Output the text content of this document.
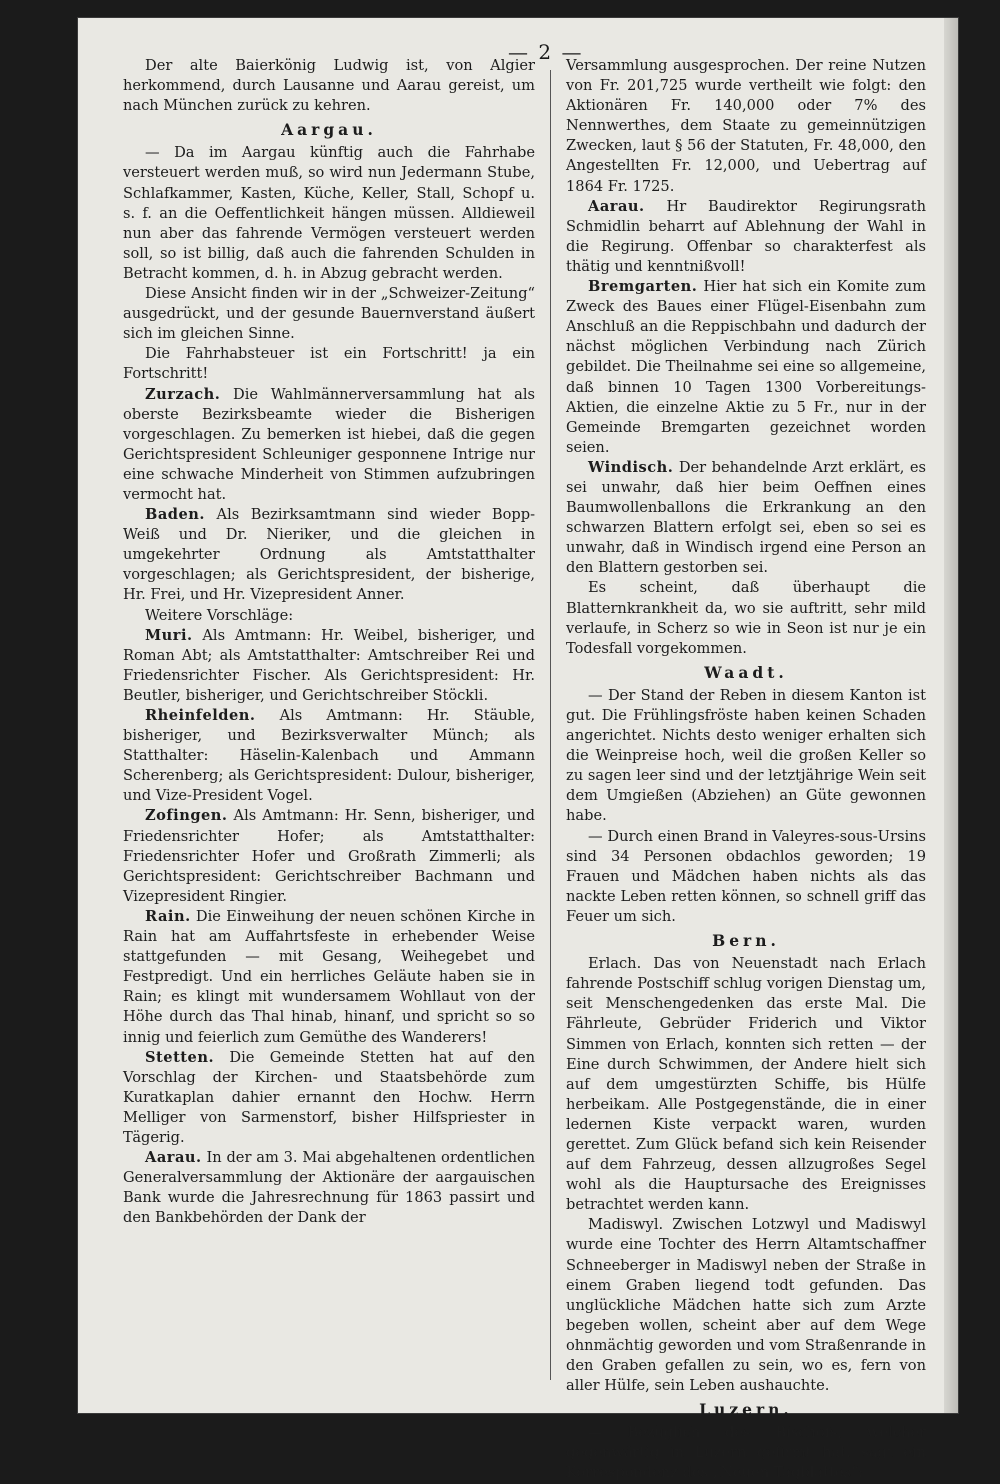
— 2 —

Der alte Baierkönig Ludwig ist, von Algier herkommend, durch Lausanne und Aarau gereist, um nach München zurück zu kehren.

Aargau.

— Da im Aargau künftig auch die Fahrhabe versteuert werden muß, so wird nun Jedermann Stube, Schlafkammer, Kasten, Küche, Keller, Stall, Schopf u. s. f. an die Oeffentlichkeit hängen müssen. Alldieweil nun aber das fahrende Vermögen versteuert werden soll, so ist billig, daß auch die fahrenden Schulden in Betracht kommen, d. h. in Abzug gebracht werden.

Diese Ansicht finden wir in der „Schweizer-Zeitung“ ausgedrückt, und der gesunde Bauernverstand äußert sich im gleichen Sinne.

Die Fahrhabsteuer ist ein Fortschritt! ja ein Fortschritt!

Zurzach. Die Wahlmännerversammlung hat als oberste Bezirksbeamte wieder die Bisherigen vorgeschlagen. Zu bemerken ist hiebei, daß die gegen Gerichtspresident Schleuniger gesponnene Intrige nur eine schwache Minderheit von Stimmen aufzubringen vermocht hat.

Baden. Als Bezirksamtmann sind wieder Bopp-Weiß und Dr. Nieriker, und die gleichen in umgekehrter Ordnung als Amtstatthalter vorgeschlagen; als Gerichtspresident, der bisherige, Hr. Frei, und Hr. Vizepresident Anner.

Weitere Vorschläge:

Muri. Als Amtmann: Hr. Weibel, bisheriger, und Roman Abt; als Amtstatthalter: Amtschreiber Rei und Friedensrichter Fischer. Als Gerichtspresident: Hr. Beutler, bisheriger, und Gerichtschreiber Stöckli.

Rheinfelden. Als Amtmann: Hr. Stäuble, bisheriger, und Bezirksverwalter Münch; als Statthalter: Häselin-Kalenbach und Ammann Scherenberg; als Gerichtspresident: Dulour, bisheriger, und Vize-President Vogel.

Zofingen. Als Amtmann: Hr. Senn, bisheriger, und Friedensrichter Hofer; als Amtstatthalter: Friedensrichter Hofer und Großrath Zimmerli; als Gerichtspresident: Gerichtschreiber Bachmann und Vizepresident Ringier.

Rain. Die Einweihung der neuen schönen Kirche in Rain hat am Auffahrtsfeste in erhebender Weise stattgefunden — mit Gesang, Weihegebet und Festpredigt. Und ein herrliches Geläute haben sie in Rain; es klingt mit wundersamem Wohllaut von der Höhe durch das Thal hinab, hinanf, und spricht so so innig und feierlich zum Gemüthe des Wanderers!

Stetten. Die Gemeinde Stetten hat auf den Vorschlag der Kirchen- und Staatsbehörde zum Kuratkaplan dahier ernannt den Hochw. Herrn Melliger von Sarmenstorf, bisher Hilfspriester in Tägerig.

Aarau. In der am 3. Mai abgehaltenen ordentlichen Generalversammlung der Aktionäre der aargauischen Bank wurde die Jahresrechnung für 1863 passirt und den Bankbehörden der Dank der

Versammlung ausgesprochen. Der reine Nutzen von Fr. 201,725 wurde vertheilt wie folgt: den Aktionären Fr. 140,000 oder 7% des Nennwerthes, dem Staate zu gemeinnützigen Zwecken, laut § 56 der Statuten, Fr. 48,000, den Angestellten Fr. 12,000, und Uebertrag auf 1864 Fr. 1725.

Aarau. Hr Baudirektor Regirungsrath Schmidlin beharrt auf Ablehnung der Wahl in die Regirung. Offenbar so charakterfest als thätig und kenntnißvoll!

Bremgarten. Hier hat sich ein Komite zum Zweck des Baues einer Flügel-Eisenbahn zum Anschluß an die Reppischbahn und dadurch der nächst möglichen Verbindung nach Zürich gebildet. Die Theilnahme sei eine so allgemeine, daß binnen 10 Tagen 1300 Vorbereitungs-Aktien, die einzelne Aktie zu 5 Fr., nur in der Gemeinde Bremgarten gezeichnet worden seien.

Windisch. Der behandelnde Arzt erklärt, es sei unwahr, daß hier beim Oeffnen eines Baumwollenballons die Erkrankung an den schwarzen Blattern erfolgt sei, eben so sei es unwahr, daß in Windisch irgend eine Person an den Blattern gestorben sei.

Es scheint, daß überhaupt die Blatternkrankheit da, wo sie auftritt, sehr mild verlaufe, in Scherz so wie in Seon ist nur je ein Todesfall vorgekommen.

Waadt.

— Der Stand der Reben in diesem Kanton ist gut. Die Frühlingsfröste haben keinen Schaden angerichtet. Nichts desto weniger erhalten sich die Weinpreise hoch, weil die großen Keller so zu sagen leer sind und der letztjährige Wein seit dem Umgießen (Abziehen) an Güte gewonnen habe.

— Durch einen Brand in Valeyres-sous-Ursins sind 34 Personen obdachlos geworden; 19 Frauen und Mädchen haben nichts als das nackte Leben retten können, so schnell griff das Feuer um sich.

Bern.

Erlach. Das von Neuenstadt nach Erlach fahrende Postschiff schlug vorigen Dienstag um, seit Menschengedenken das erste Mal. Die Fährleute, Gebrüder Friderich und Viktor Simmen von Erlach, konnten sich retten — der Eine durch Schwimmen, der Andere hielt sich auf dem umgestürzten Schiffe, bis Hülfe herbeikam. Alle Postgegenstände, die in einer ledernen Kiste verpackt waren, wurden gerettet. Zum Glück befand sich kein Reisender auf dem Fahrzeug, dessen allzugroßes Segel wohl als die Hauptursache des Ereignisses betrachtet werden kann.

Madiswyl. Zwischen Lotzwyl und Madiswyl wurde eine Tochter des Herrn Altamtschaffner Schneeberger in Madiswyl neben der Straße in einem Graben liegend todt gefunden. Das unglückliche Mädchen hatte sich zum Arzte begeben wollen, scheint aber auf dem Wege ohnmächtig geworden und vom Straßenrande in den Graben gefallen zu sein, wo es, fern von aller Hülfe, sein Leben aushauchte.

Luzern.

— Bezüglich des Bischofs, welcher gegenwärtig in Luzern gefirmt hat, sagt ein Korrespondenz des „Neuen Tagblattes“:
